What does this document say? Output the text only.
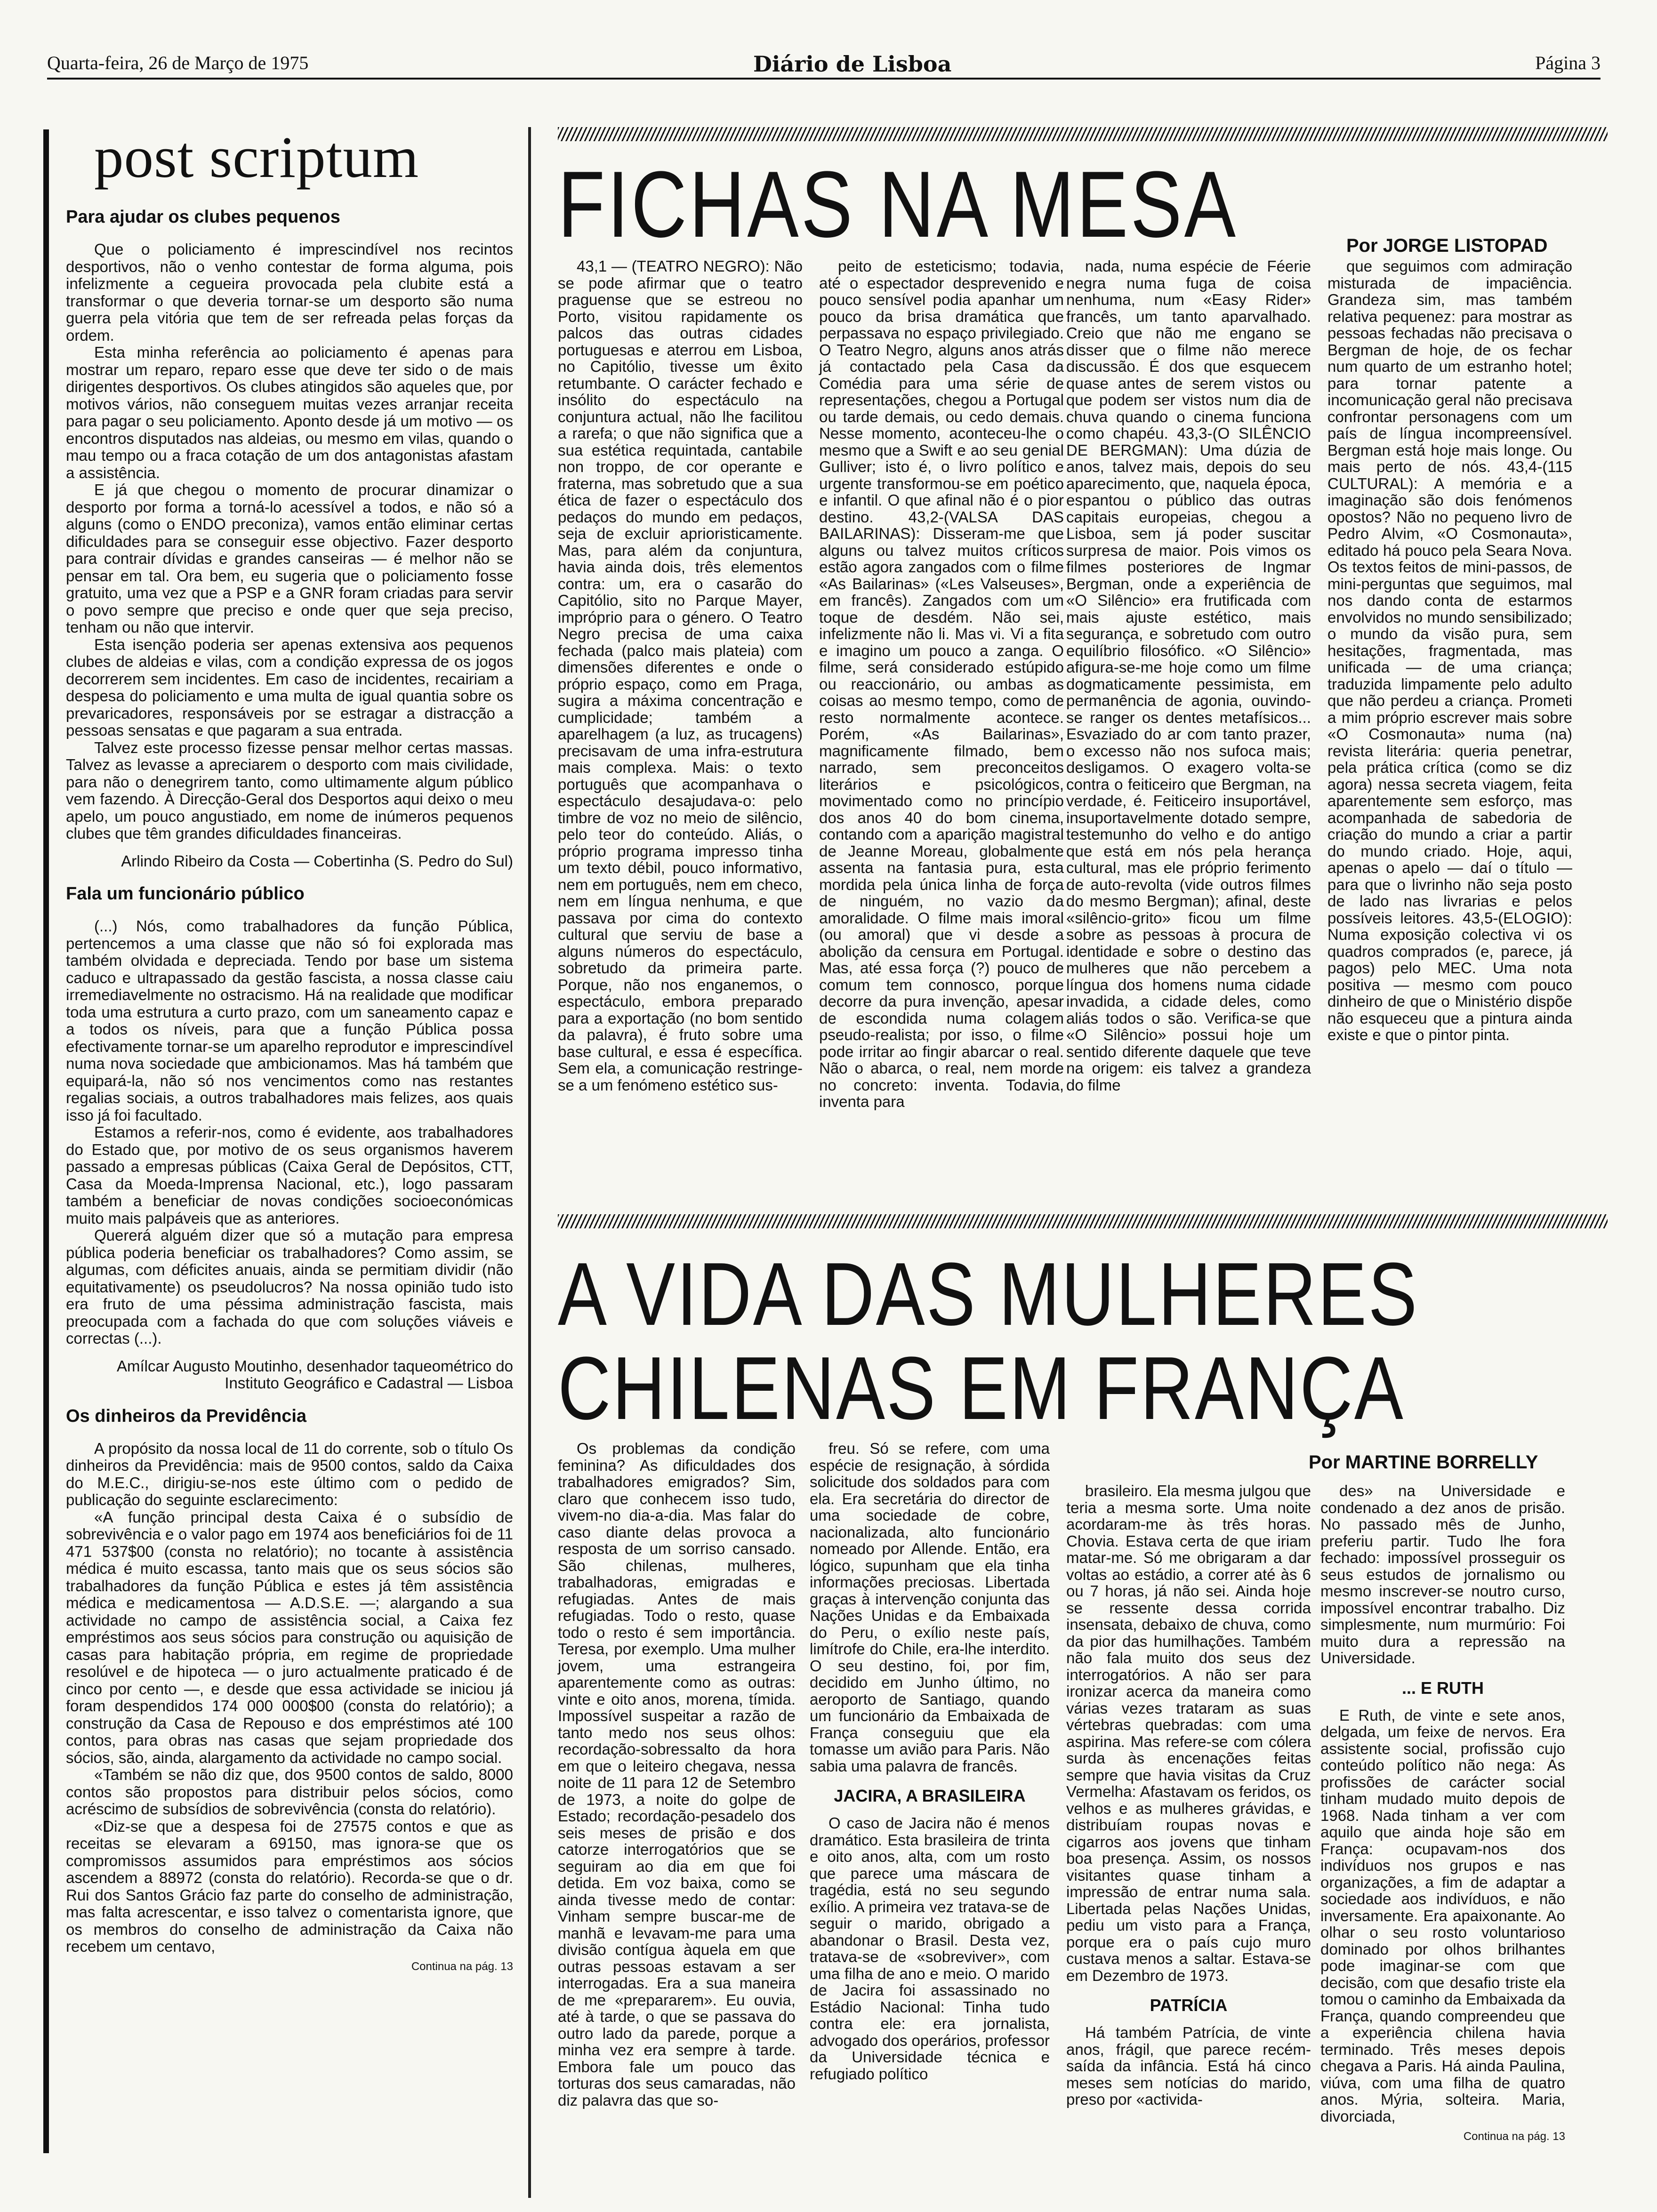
Quarta-feira, 26 de Março de 1975	Diário de Lisboa	Página 3
post scriptum
Para ajudar os clubes pequenos

Que o policiamento é imprescindível nos recintos desportivos, não o venho contestar de forma alguma, pois infelizmente a cegueira provocada pela clubite está a transformar o que deveria tornar-se um desporto são numa guerra pela vitória que tem de ser refreada pelas forças da ordem.

Esta minha referência ao policiamento é apenas para mostrar um reparo, reparo esse que deve ter sido o de mais dirigentes desportivos. Os clubes atingidos são aqueles que, por motivos vários, não conseguem muitas vezes arranjar receita para pagar o seu policiamento. Aponto desde já um motivo — os encontros disputados nas aldeias, ou mesmo em vilas, quando o mau tempo ou a fraca cotação de um dos antagonistas afastam a assistência.

E já que chegou o momento de procurar dinamizar o desporto por forma a torná-lo acessível a todos, e não só a alguns (como o ENDO preconiza), vamos então eliminar certas dificuldades para se conseguir esse objectivo. Fazer desporto para contrair dívidas e grandes canseiras — é melhor não se pensar em tal. Ora bem, eu sugeria que o policiamento fosse gratuito, uma vez que a PSP e a GNR foram criadas para servir o povo sempre que preciso e onde quer que seja preciso, tenham ou não que intervir.

Esta isenção poderia ser apenas extensiva aos pequenos clubes de aldeias e vilas, com a condição expressa de os jogos decorrerem sem incidentes. Em caso de incidentes, recairiam a despesa do policiamento e uma multa de igual quantia sobre os prevaricadores, responsáveis por se estragar a distracção a pessoas sensatas e que pagaram a sua entrada.

Talvez este processo fizesse pensar melhor certas massas. Talvez as levasse a apreciarem o desporto com mais civilidade, para não o denegrirem tanto, como ultimamente algum público vem fazendo. À Direcção-Geral dos Desportos aqui deixo o meu apelo, um pouco angustiado, em nome de inúmeros pequenos clubes que têm grandes dificuldades financeiras.

Arlindo Ribeiro da Costa — Cobertinha (S. Pedro do Sul)

Fala um funcionário público

(...) Nós, como trabalhadores da função Pública, pertencemos a uma classe que não só foi explorada mas também olvidada e depreciada. Tendo por base um sistema caduco e ultrapassado da gestão fascista, a nossa classe caiu irremediavelmente no ostracismo. Há na realidade que modificar toda uma estrutura a curto prazo, com um saneamento capaz e a todos os níveis, para que a função Pública possa efectivamente tornar-se um aparelho reprodutor e imprescindível numa nova sociedade que ambicionamos. Mas há também que equipará-la, não só nos vencimentos como nas restantes regalias sociais, a outros trabalhadores mais felizes, aos quais isso já foi facultado.

Estamos a referir-nos, como é evidente, aos trabalhadores do Estado que, por motivo de os seus organismos haverem passado a empresas públicas (Caixa Geral de Depósitos, CTT, Casa da Moeda-Imprensa Nacional, etc.), logo passaram também a beneficiar de novas condições socioeconómicas muito mais palpáveis que as anteriores.

Quererá alguém dizer que só a mutação para empresa pública poderia beneficiar os trabalhadores? Como assim, se algumas, com déficites anuais, ainda se permitiam dividir (não equitativamente) os pseudolucros? Na nossa opinião tudo isto era fruto de uma péssima administração fascista, mais preocupada com a fachada do que com soluções viáveis e correctas (...).

Amílcar Augusto Moutinho, desenhador taqueométrico do Instituto Geográfico e Cadastral — Lisboa

Os dinheiros da Previdência

A propósito da nossa local de 11 do corrente, sob o título Os dinheiros da Previdência: mais de 9500 contos, saldo da Caixa do M.E.C., dirigiu-se-nos este último com o pedido de publicação do seguinte esclarecimento:

«A função principal desta Caixa é o subsídio de sobrevivência e o valor pago em 1974 aos beneficiários foi de 11 471 537$00 (consta no relatório); no tocante à assistência médica é muito escassa, tanto mais que os seus sócios são trabalhadores da função Pública e estes já têm assistência médica e medicamentosa — A.D.S.E. —; alargando a sua actividade no campo de assistência social, a Caixa fez empréstimos aos seus sócios para construção ou aquisição de casas para habitação própria, em regime de propriedade resolúvel e de hipoteca — o juro actualmente praticado é de cinco por cento —, e desde que essa actividade se iniciou já foram despendidos 174 000 000$00 (consta do relatório); a construção da Casa de Repouso e dos empréstimos até 100 contos, para obras nas casas que sejam propriedade dos sócios, são, ainda, alargamento da actividade no campo social.

«Também se não diz que, dos 9500 contos de saldo, 8000 contos são propostos para distribuir pelos sócios, como acréscimo de subsídios de sobrevivência (consta do relatório).

«Diz-se que a despesa foi de 27575 contos e que as receitas se elevaram a 69150, mas ignora-se que os compromissos assumidos para empréstimos aos sócios ascendem a 88972 (consta do relatório). Recorda-se que o dr. Rui dos Santos Grácio faz parte do conselho de administração, mas falta acrescentar, e isso talvez o comentarista ignore, que os membros do conselho de administração da Caixa não recebem um centavo,

Continua na pág. 13

FICHAS NA MESA	Por JORGE LISTOPAD

43,1 — (TEATRO NEGRO): Não se pode afirmar que o teatro praguense que se estreou no Porto, visitou rapidamente os palcos das outras cidades portuguesas e aterrou em Lisboa, no Capitólio, tivesse um êxito retumbante. O carácter fechado e insólito do espectáculo na conjuntura actual, não lhe facilitou a rarefa; o que não significa que a sua estética requintada, cantabile non troppo, de cor operante e fraterna, mas sobretudo que a sua ética de fazer o espectáculo dos pedaços do mundo em pedaços, seja de excluir aprioristicamente. Mas, para além da conjuntura, havia ainda dois, três elementos contra: um, era o casarão do Capitólio, sito no Parque Mayer, impróprio para o género. O Teatro Negro precisa de uma caixa fechada (palco mais plateia) com dimensões diferentes e onde o próprio espaço, como em Praga, sugira a máxima concentração e cumplicidade; também a aparelhagem (a luz, as trucagens) precisavam de uma infra-estrutura mais complexa. Mais: o texto português que acompanhava o espectáculo desajudava-o: pelo timbre de voz no meio de silêncio, pelo teor do conteúdo. Aliás, o próprio programa impresso tinha um texto débil, pouco informativo, nem em português, nem em checo, nem em língua nenhuma, e que passava por cima do contexto cultural que serviu de base a alguns números do espectáculo, sobretudo da primeira parte. Porque, não nos enganemos, o espectáculo, embora preparado para a exportação (no bom sentido da palavra), é fruto sobre uma base cultural, e essa é específica. Sem ela, a comunicação restringe-se a um fenómeno estético sus-

peito de esteticismo; todavia, até o espectador desprevenido e pouco sensível podia apanhar um pouco da brisa dramática que perpassava no espaço privilegiado. O Teatro Negro, alguns anos atrás já contactado pela Casa da Comédia para uma série de representações, chegou a Portugal ou tarde demais, ou cedo demais. Nesse momento, aconteceu-lhe o mesmo que a Swift e ao seu genial Gulliver; isto é, o livro político e urgente transformou-se em poético e infantil. O que afinal não é o pior destino. 43,2-(VALSA DAS BAILARINAS): Disseram-me que alguns ou talvez muitos críticos estão agora zangados com o filme «As Bailarinas» («Les Valseuses», em francês). Zangados com um toque de desdém. Não sei, infelizmente não li. Mas vi. Vi a fita e imagino um pouco a zanga. O filme, será considerado estúpido ou reaccionário, ou ambas as coisas ao mesmo tempo, como de resto normalmente acontece. Porém, «As Bailarinas», magnificamente filmado, bem narrado, sem preconceitos literários e psicológicos, movimentado como no princípio dos anos 40 do bom cinema, contando com a aparição magistral de Jeanne Moreau, globalmente assenta na fantasia pura, esta mordida pela única linha de força de ninguém, no vazio da amoralidade. O filme mais imoral (ou amoral) que vi desde a abolição da censura em Portugal. Mas, até essa força (?) pouco de comum tem connosco, porque decorre da pura invenção, apesar de escondida numa colagem pseudo-realista; por isso, o filme pode irritar ao fingir abarcar o real. Não o abarca, o real, nem morde no concreto: inventa. Todavia, inventa para

nada, numa espécie de Féerie negra numa fuga de coisa nenhuma, num «Easy Rider» francês, um tanto aparvalhado. Creio que não me engano se disser que o filme não merece discussão. É dos que esquecem quase antes de serem vistos ou que podem ser vistos num dia de chuva quando o cinema funciona como chapéu. 43,3-(O SILÊNCIO DE BERGMAN): Uma dúzia de anos, talvez mais, depois do seu aparecimento, que, naquela época, espantou o público das outras capitais europeias, chegou a Lisboa, sem já poder suscitar surpresa de maior. Pois vimos os filmes posteriores de Ingmar Bergman, onde a experiência de «O Silêncio» era frutificada com mais ajuste estético, mais segurança, e sobretudo com outro equilíbrio filosófico. «O Silêncio» afigura-se-me hoje como um filme dogmaticamente pessimista, em permanência de agonia, ouvindo-se ranger os dentes metafísicos... Esvaziado do ar com tanto prazer, o excesso não nos sufoca mais; desligamos. O exagero volta-se contra o feiticeiro que Bergman, na verdade, é. Feiticeiro insuportável, insuportavelmente dotado sempre, testemunho do velho e do antigo que está em nós pela herança cultural, mas ele próprio ferimento de auto-revolta (vide outros filmes do mesmo Bergman); afinal, deste «silêncio-grito» ficou um filme sobre as pessoas à procura de identidade e sobre o destino das mulheres que não percebem a língua dos homens numa cidade invadida, a cidade deles, como aliás todos o são. Verifica-se que «O Silêncio» possui hoje um sentido diferente daquele que teve na origem: eis talvez a grandeza do filme

que seguimos com admiração misturada de impaciência. Grandeza sim, mas também relativa pequenez: para mostrar as pessoas fechadas não precisava o Bergman de hoje, de os fechar num quarto de um estranho hotel; para tornar patente a incomunicação geral não precisava confrontar personagens com um país de língua incompreensível. Bergman está hoje mais longe. Ou mais perto de nós. 43,4-(115 CULTURAL): A memória e a imaginação são dois fenómenos opostos? Não no pequeno livro de Pedro Alvim, «O Cosmonauta», editado há pouco pela Seara Nova. Os textos feitos de mini-passos, de mini-perguntas que seguimos, mal nos dando conta de estarmos envolvidos no mundo sensibilizado; o mundo da visão pura, sem hesitações, fragmentada, mas unificada — de uma criança; traduzida limpamente pelo adulto que não perdeu a criança. Prometi a mim próprio escrever mais sobre «O Cosmonauta» numa (na) revista literária: queria penetrar, pela prática crítica (como se diz agora) nessa secreta viagem, feita aparentemente sem esforço, mas acompanhada de sabedoria de criação do mundo a criar a partir do mundo criado. Hoje, aqui, apenas o apelo — daí o título — para que o livrinho não seja posto de lado nas livrarias e pelos possíveis leitores. 43,5-(ELOGIO): Numa exposição colectiva vi os quadros comprados (e, parece, já pagos) pelo MEC. Uma nota positiva — mesmo com pouco dinheiro de que o Ministério dispõe não esqueceu que a pintura ainda existe e que o pintor pinta.

A VIDA DAS MULHERES
CHILENAS EM FRANÇA
Por MARTINE BORRELLY

Os problemas da condição feminina? As dificuldades dos trabalhadores emigrados? Sim, claro que conhecem isso tudo, vivem-no dia-a-dia. Mas falar do caso diante delas provoca a resposta de um sorriso cansado. São chilenas, mulheres, trabalhadoras, emigradas e refugiadas. Antes de mais refugiadas. Todo o resto, quase todo o resto é sem importância. Teresa, por exemplo. Uma mulher jovem, uma estrangeira aparentemente como as outras: vinte e oito anos, morena, tímida. Impossível suspeitar a razão de tanto medo nos seus olhos: recordação-sobressalto da hora em que o leiteiro chegava, nessa noite de 11 para 12 de Setembro de 1973, a noite do golpe de Estado; recordação-pesadelo dos seis meses de prisão e dos catorze interrogatórios que se seguiram ao dia em que foi detida. Em voz baixa, como se ainda tivesse medo de contar: Vinham sempre buscar-me de manhã e levavam-me para uma divisão contígua àquela em que outras pessoas estavam a ser interrogadas. Era a sua maneira de me «prepararem». Eu ouvia, até à tarde, o que se passava do outro lado da parede, porque a minha vez era sempre à tarde. Embora fale um pouco das torturas dos seus camaradas, não diz palavra das que so-

freu. Só se refere, com uma espécie de resignação, à sórdida solicitude dos soldados para com ela. Era secretária do director de uma sociedade de cobre, nacionalizada, alto funcionário nomeado por Allende. Então, era lógico, supunham que ela tinha informações preciosas. Libertada graças à intervenção conjunta das Nações Unidas e da Embaixada do Peru, o exílio neste país, limítrofe do Chile, era-lhe interdito. O seu destino, foi, por fim, decidido em Junho último, no aeroporto de Santiago, quando um funcionário da Embaixada de França conseguiu que ela tomasse um avião para Paris. Não sabia uma palavra de francês.

JACIRA, A BRASILEIRA

O caso de Jacira não é menos dramático. Esta brasileira de trinta e oito anos, alta, com um rosto que parece uma máscara de tragédia, está no seu segundo exílio. A primeira vez tratava-se de seguir o marido, obrigado a abandonar o Brasil. Desta vez, tratava-se de «sobreviver», com uma filha de ano e meio. O marido de Jacira foi assassinado no Estádio Nacional: Tinha tudo contra ele: era jornalista, advogado dos operários, professor da Universidade técnica e refugiado político

brasileiro. Ela mesma julgou que teria a mesma sorte. Uma noite acordaram-me às três horas. Chovia. Estava certa de que iriam matar-me. Só me obrigaram a dar voltas ao estádio, a correr até às 6 ou 7 horas, já não sei. Ainda hoje se ressente dessa corrida insensata, debaixo de chuva, como da pior das humilhações. Também não fala muito dos seus dez interrogatórios. A não ser para ironizar acerca da maneira como várias vezes trataram as suas vértebras quebradas: com uma aspirina. Mas refere-se com cólera surda às encenações feitas sempre que havia visitas da Cruz Vermelha: Afastavam os feridos, os velhos e as mulheres grávidas, e distribuíam roupas novas e cigarros aos jovens que tinham boa presença. Assim, os nossos visitantes quase tinham a impressão de entrar numa sala. Libertada pelas Nações Unidas, pediu um visto para a França, porque era o país cujo muro custava menos a saltar. Estava-se em Dezembro de 1973.

PATRÍCIA

Há também Patrícia, de vinte anos, frágil, que parece recém-saída da infância. Está há cinco meses sem notícias do marido, preso por «activida-

des» na Universidade e condenado a dez anos de prisão. No passado mês de Junho, preferiu partir. Tudo lhe fora fechado: impossível prosseguir os seus estudos de jornalismo ou mesmo inscrever-se noutro curso, impossível encontrar trabalho. Diz simplesmente, num murmúrio: Foi muito dura a repressão na Universidade.

... E RUTH

E Ruth, de vinte e sete anos, delgada, um feixe de nervos. Era assistente social, profissão cujo conteúdo político não nega: As profissões de carácter social tinham mudado muito depois de 1968. Nada tinham a ver com aquilo que ainda hoje são em França: ocupavam-nos dos indivíduos nos grupos e nas organizações, a fim de adaptar a sociedade aos indivíduos, e não inversamente. Era apaixonante. Ao olhar o seu rosto voluntarioso dominado por olhos brilhantes pode imaginar-se com que decisão, com que desafio triste ela tomou o caminho da Embaixada da França, quando compreendeu que a experiência chilena havia terminado. Três meses depois chegava a Paris. Há ainda Paulina, viúva, com uma filha de quatro anos. Mýria, solteira. Maria, divorciada,

Continua na pág. 13
